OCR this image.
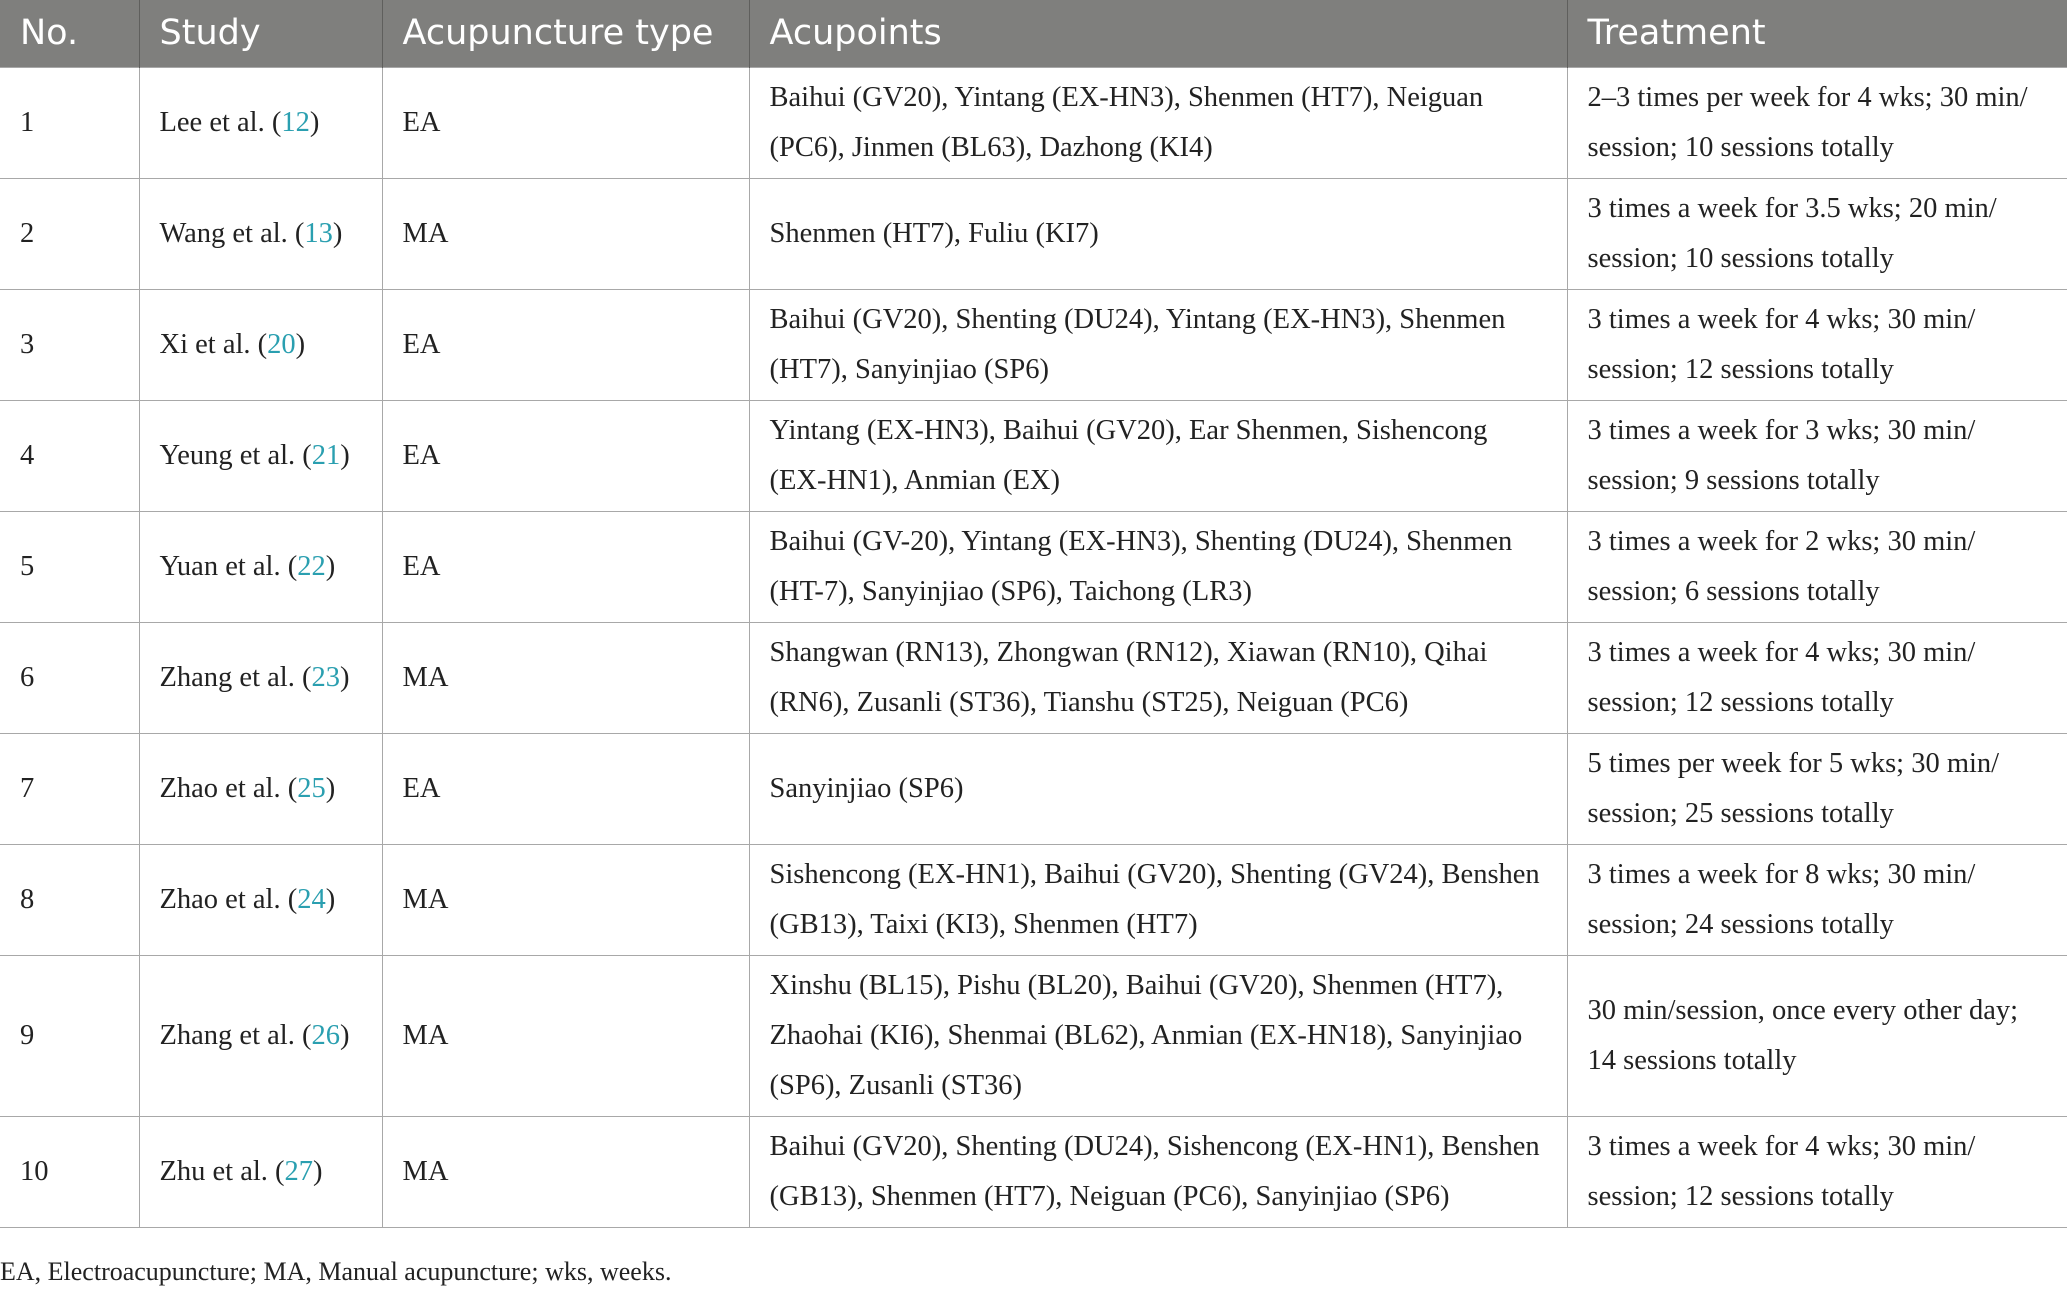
No.	Study	Acupuncture type	Acupoints	Treatment
1	Lee et al. (12)	EA	Baihui (GV20), Yintang (EX-HN3), Shenmen (HT7), Neiguan (PC6), Jinmen (BL63), Dazhong (KI4)	2–3 times per week for 4 wks; 30 min/ session; 10 sessions totally
2	Wang et al. (13)	MA	Shenmen (HT7), Fuliu (KI7)	3 times a week for 3.5 wks; 20 min/ session; 10 sessions totally
3	Xi et al. (20)	EA	Baihui (GV20), Shenting (DU24), Yintang (EX-HN3), Shenmen (HT7), Sanyinjiao (SP6)	3 times a week for 4 wks; 30 min/ session; 12 sessions totally
4	Yeung et al. (21)	EA	Yintang (EX-HN3), Baihui (GV20), Ear Shenmen, Sishencong (EX-HN1), Anmian (EX)	3 times a week for 3 wks; 30 min/ session; 9 sessions totally
5	Yuan et al. (22)	EA	Baihui (GV-20), Yintang (EX-HN3), Shenting (DU24), Shenmen (HT-7), Sanyinjiao (SP6), Taichong (LR3)	3 times a week for 2 wks; 30 min/ session; 6 sessions totally
6	Zhang et al. (23)	MA	Shangwan (RN13), Zhongwan (RN12), Xiawan (RN10), Qihai (RN6), Zusanli (ST36), Tianshu (ST25), Neiguan (PC6)	3 times a week for 4 wks; 30 min/ session; 12 sessions totally
7	Zhao et al. (25)	EA	Sanyinjiao (SP6)	5 times per week for 5 wks; 30 min/ session; 25 sessions totally
8	Zhao et al. (24)	MA	Sishencong (EX-HN1), Baihui (GV20), Shenting (GV24), Benshen (GB13), Taixi (KI3), Shenmen (HT7)	3 times a week for 8 wks; 30 min/ session; 24 sessions totally
9	Zhang et al. (26)	MA	Xinshu (BL15), Pishu (BL20), Baihui (GV20), Shenmen (HT7), Zhaohai (KI6), Shenmai (BL62), Anmian (EX-HN18), Sanyinjiao (SP6), Zusanli (ST36)	30 min/session, once every other day; 14 sessions totally
10	Zhu et al. (27)	MA	Baihui (GV20), Shenting (DU24), Sishencong (EX-HN1), Benshen (GB13), Shenmen (HT7), Neiguan (PC6), Sanyinjiao (SP6)	3 times a week for 4 wks; 30 min/ session; 12 sessions totally
EA, Electroacupuncture; MA, Manual acupuncture; wks, weeks.
